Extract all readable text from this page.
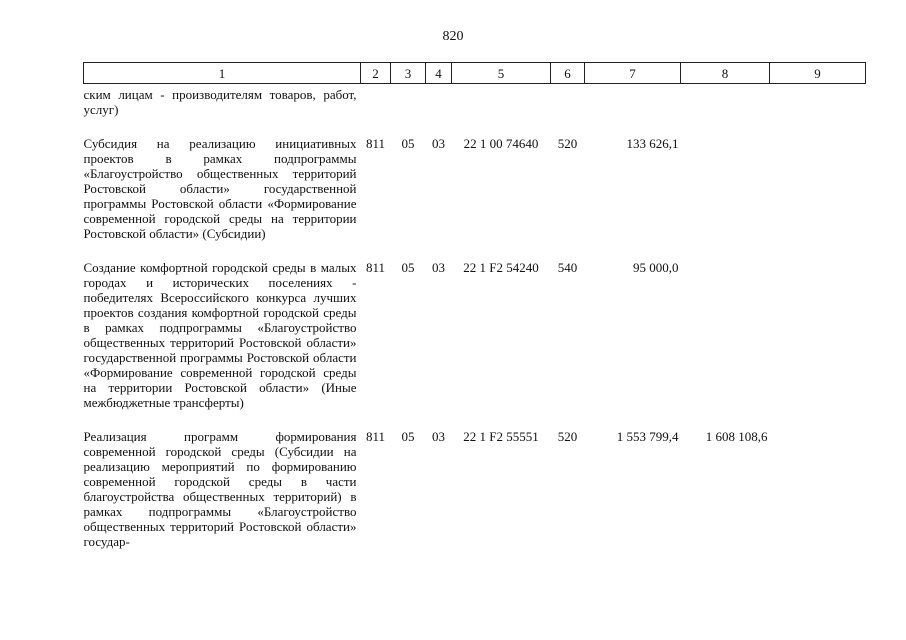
820
1	2	3	4	5	6	7	8	9
ским лицам - производителям товаров, работ, услуг)								

Субсидия на реализацию инициативных проектов в рамках подпрограммы «Благоустройство общественных территорий Ростовской области» государственной программы Ростовской области «Формирование современной городской среды на территории Ростовской области» (Субсидии)	811	05	03	22 1 00 74640	520	133 626,1		

Создание комфортной городской среды в малых городах и исторических поселениях - победителях Всероссийского конкурса лучших проектов создания комфортной городской среды в рамках подпрограммы «Благоустройство общественных территорий Ростовской области» государственной программы Ростовской области «Формирование современной городской среды на территории Ростовской области» (Иные межбюджетные трансферты)	811	05	03	22 1 F2 54240	540	95 000,0		

Реализация программ формирования современной городской среды (Субсидии на реализацию мероприятий по формированию современной городской среды в части благоустройства общественных территорий) в рамках подпрограммы «Благоустройство общественных территорий Ростовской области» государ-	811	05	03	22 1 F2 55551	520	1 553 799,4	1 608 108,6	
